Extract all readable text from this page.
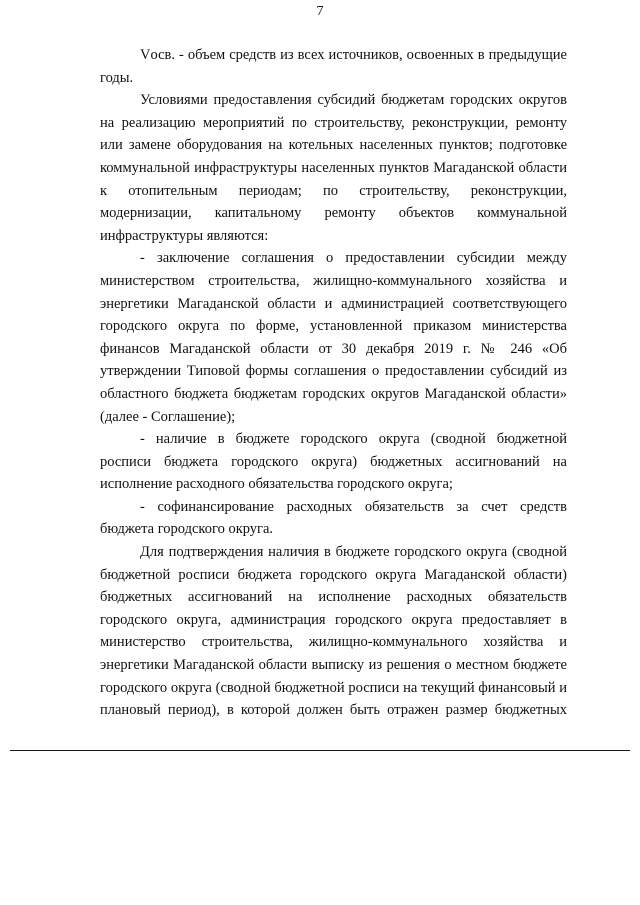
7

Vосв. - объем средств из всех источников, освоенных в предыдущие годы.

Условиями предоставления субсидий бюджетам городских округов на реализацию мероприятий по строительству, реконструкции, ремонту или замене оборудования на котельных населенных пунктов; подготовке коммунальной инфраструктуры населенных пунктов Магаданской области к отопительным периодам; по строительству, реконструкции, модернизации, капитальному ремонту объектов коммунальной инфраструктуры являются:

- заключение соглашения о предоставлении субсидии между министерством строительства, жилищно-коммунального хозяйства и энергетики Магаданской области и администрацией соответствующего городского округа по форме, установленной приказом министерства финансов Магаданской области от 30 декабря 2019 г. № 246 «Об утверждении Типовой формы соглашения о предоставлении субсидий из областного бюджета бюджетам городских округов Магаданской области» (далее - Соглашение);

- наличие в бюджете городского округа (сводной бюджетной росписи бюджета городского округа) бюджетных ассигнований на исполнение расходного обязательства городского округа;

- софинансирование расходных обязательств за счет средств бюджета городского округа.

Для подтверждения наличия в бюджете городского округа (сводной бюджетной росписи бюджета городского округа Магаданской области) бюджетных ассигнований на исполнение расходных обязательств городского округа, администрация городского округа предоставляет в министерство строительства, жилищно-коммунального хозяйства и энергетики Магаданской области выписку из решения о местном бюджете городского округа (сводной бюджетной росписи на текущий финансовый и плановый период), в которой должен быть отражен размер бюджетных
